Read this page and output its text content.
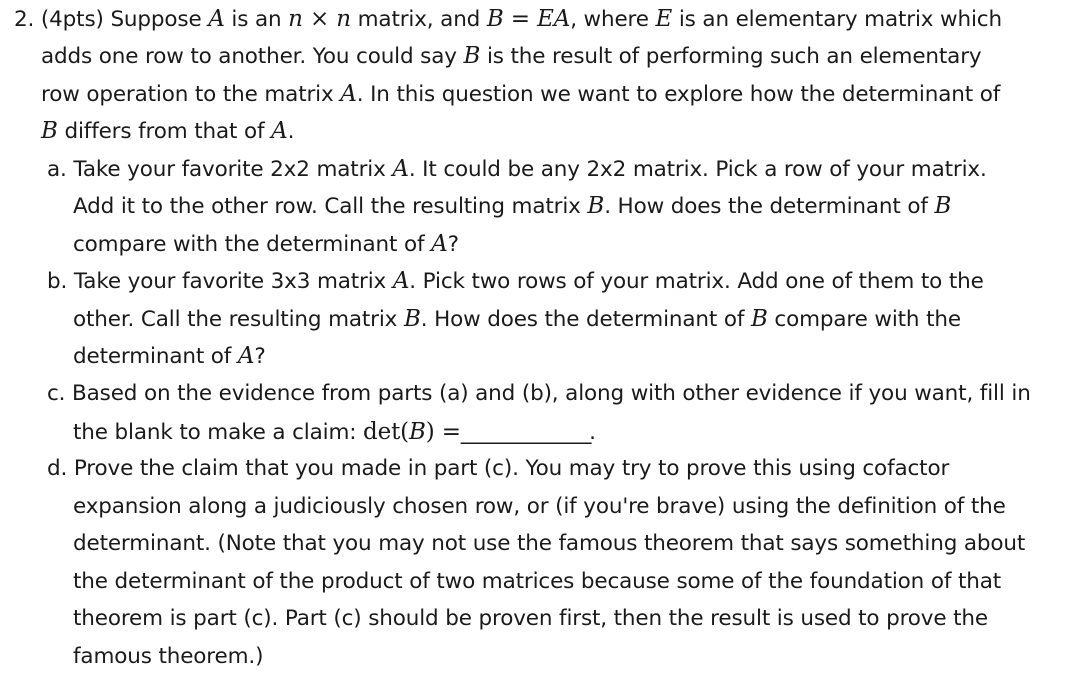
2. (4pts) Suppose A is an n × n matrix, and B = EA, where E is an elementary matrix which
adds one row to another. You could say B is the result of performing such an elementary
row operation to the matrix A. In this question we want to explore how the determinant of
B differs from that of A.
a. Take your favorite 2x2 matrix A. It could be any 2x2 matrix. Pick a row of your matrix.
Add it to the other row. Call the resulting matrix B. How does the determinant of B
compare with the determinant of A?
b. Take your favorite 3x3 matrix A. Pick two rows of your matrix. Add one of them to the
other. Call the resulting matrix B. How does the determinant of B compare with the
determinant of A?
c. Based on the evidence from parts (a) and (b), along with other evidence if you want, fill in
the blank to make a claim: det(B) =_______________.
d. Prove the claim that you made in part (c). You may try to prove this using cofactor
expansion along a judiciously chosen row, or (if you're brave) using the definition of the
determinant. (Note that you may not use the famous theorem that says something about
the determinant of the product of two matrices because some of the foundation of that
theorem is part (c). Part (c) should be proven first, then the result is used to prove the
famous theorem.)
